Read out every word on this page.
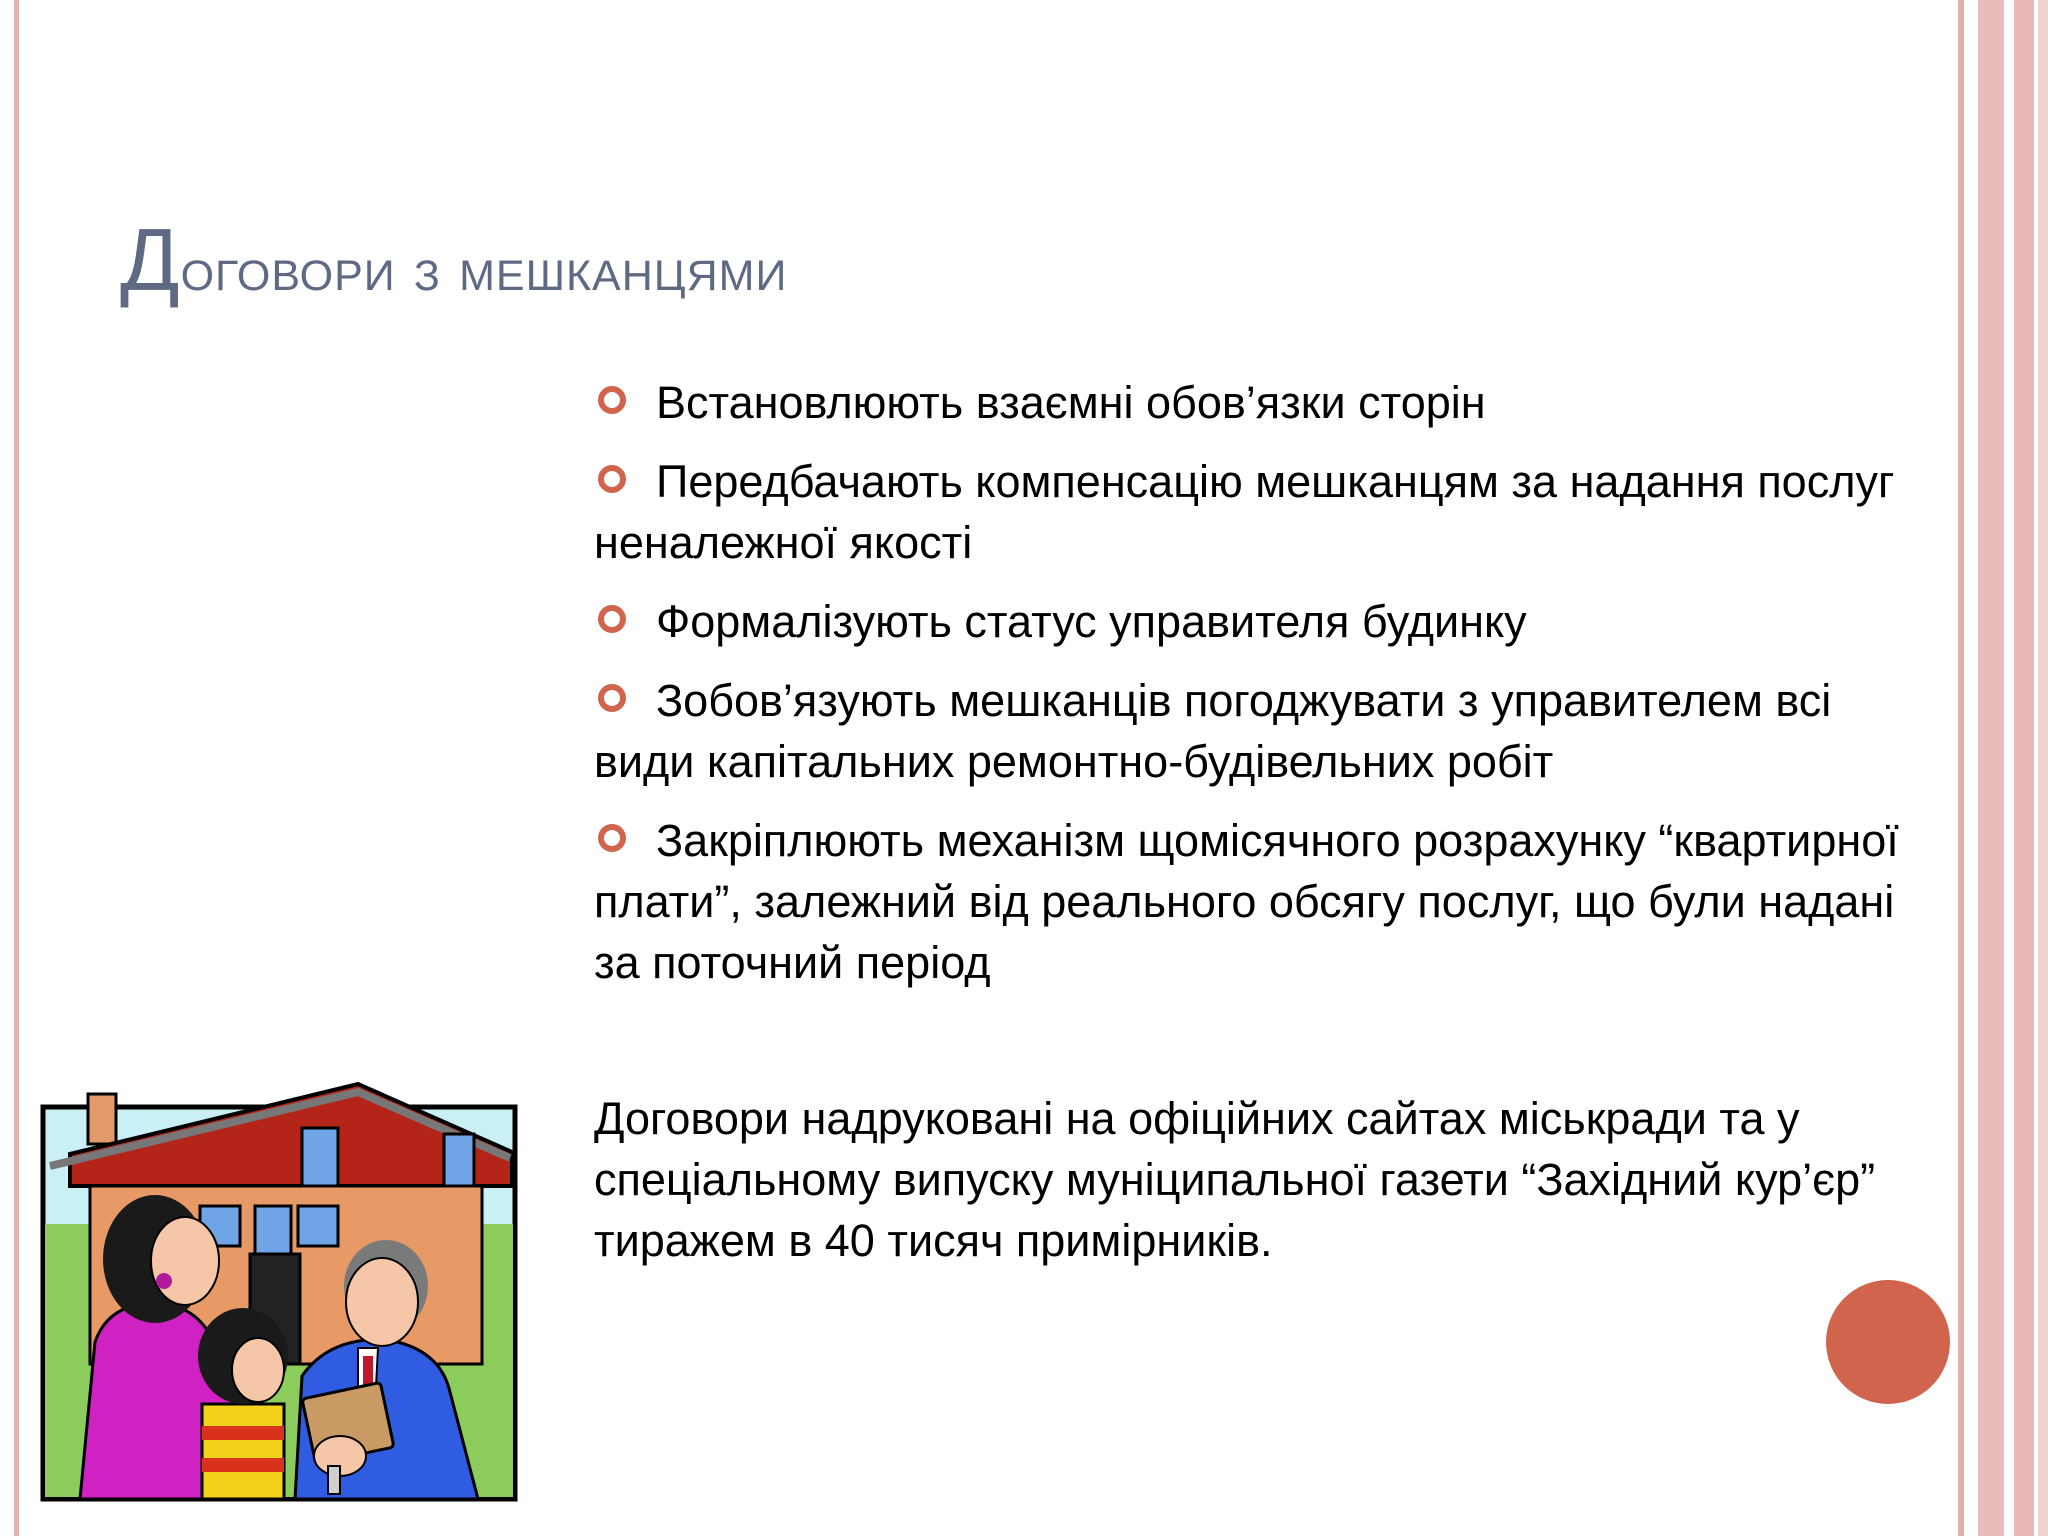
Договори з мешканцями
Встановлюють взаємні обов’язки сторін
Передбачають компенсацію мешканцям за надання послуг неналежної якості
Формалізують статус управителя будинку
Зобов’язують мешканців погоджувати з управителем всі види капітальних ремонтно-будівельних робіт
Закріплюють механізм щомісячного розрахунку “квартирної плати”, залежний від реального обсягу послуг, що були надані за поточний період

Договори надруковані на офіційних сайтах міськради та у спеціальному випуску муніципальної газети “Західний кур’єр” тиражем в 40 тисяч примірників.
